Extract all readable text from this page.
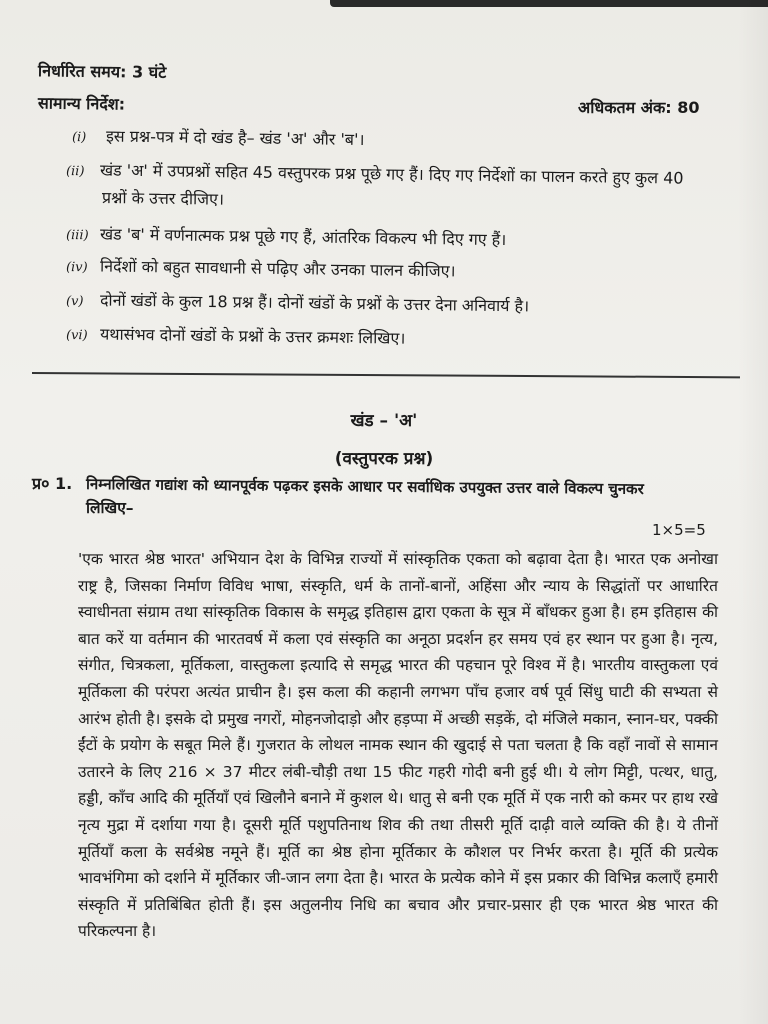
निर्धारित समय: 3 घंटे
सामान्य निर्देश:	अधिकतम अंक: 80
(i) इस प्रश्न-पत्र में दो खंड है– खंड 'अ' और 'ब'।
(ii) खंड 'अ' में उपप्रश्नों सहित 45 वस्तुपरक प्रश्न पूछे गए हैं। दिए गए निर्देशों का पालन करते हुए कुल 40
प्रश्नों के उत्तर दीजिए।
(iii) खंड 'ब' में वर्णनात्मक प्रश्न पूछे गए हैं, आंतरिक विकल्प भी दिए गए हैं।
(iv) निर्देशों को बहुत सावधानी से पढ़िए और उनका पालन कीजिए।
(v) दोनों खंडों के कुल 18 प्रश्न हैं। दोनों खंडों के प्रश्नों के उत्तर देना अनिवार्य है।
(vi) यथासंभव दोनों खंडों के प्रश्नों के उत्तर क्रमशः लिखिए।
खंड – 'अ'
(वस्तुपरक प्रश्न)
प्र० 1. निम्नलिखित गद्यांश को ध्यानपूर्वक पढ़कर इसके आधार पर सर्वाधिक उपयुक्त उत्तर वाले विकल्प चुनकर
लिखिए–
1×5=5
'एक भारत श्रेष्ठ भारत' अभियान देश के विभिन्न राज्यों में सांस्कृतिक एकता को बढ़ावा देता है। भारत एक अनोखा राष्ट्र है, जिसका निर्माण विविध भाषा, संस्कृति, धर्म के तानों-बानों, अहिंसा और न्याय के सिद्धांतों पर आधारित स्वाधीनता संग्राम तथा सांस्कृतिक विकास के समृद्ध इतिहास द्वारा एकता के सूत्र में बाँधकर हुआ है। हम इतिहास की बात करें या वर्तमान की भारतवर्ष में कला एवं संस्कृति का अनूठा प्रदर्शन हर समय एवं हर स्थान पर हुआ है। नृत्य, संगीत, चित्रकला, मूर्तिकला, वास्तुकला इत्यादि से समृद्ध भारत की पहचान पूरे विश्व में है। भारतीय वास्तुकला एवं मूर्तिकला की परंपरा अत्यंत प्राचीन है। इस कला की कहानी लगभग पाँच हजार वर्ष पूर्व सिंधु घाटी की सभ्यता से आरंभ होती है। इसके दो प्रमुख नगरों, मोहनजोदाड़ो और हड़प्पा में अच्छी सड़कें, दो मंजिले मकान, स्नान-घर, पक्की ईंटों के प्रयोग के सबूत मिले हैं। गुजरात के लोथल नामक स्थान की खुदाई से पता चलता है कि वहाँ नावों से सामान उतारने के लिए 216 × 37 मीटर लंबी-चौड़ी तथा 15 फीट गहरी गोदी बनी हुई थी। ये लोग मिट्टी, पत्थर, धातु, हड्डी, काँच आदि की मूर्तियाँ एवं खिलौने बनाने में कुशल थे। धातु से बनी एक मूर्ति में एक नारी को कमर पर हाथ रखे नृत्य मुद्रा में दर्शाया गया है। दूसरी मूर्ति पशुपतिनाथ शिव की तथा तीसरी मूर्ति दाढ़ी वाले व्यक्ति की है। ये तीनों मूर्तियाँ कला के सर्वश्रेष्ठ नमूने हैं। मूर्ति का श्रेष्ठ होना मूर्तिकार के कौशल पर निर्भर करता है। मूर्ति की प्रत्येक भावभंगिमा को दर्शाने में मूर्तिकार जी-जान लगा देता है। भारत के प्रत्येक कोने में इस प्रकार की विभिन्न कलाएँ हमारी संस्कृति में प्रतिबिंबित होती हैं। इस अतुलनीय निधि का बचाव और प्रचार-प्रसार ही एक भारत श्रेष्ठ भारत की परिकल्पना है।
